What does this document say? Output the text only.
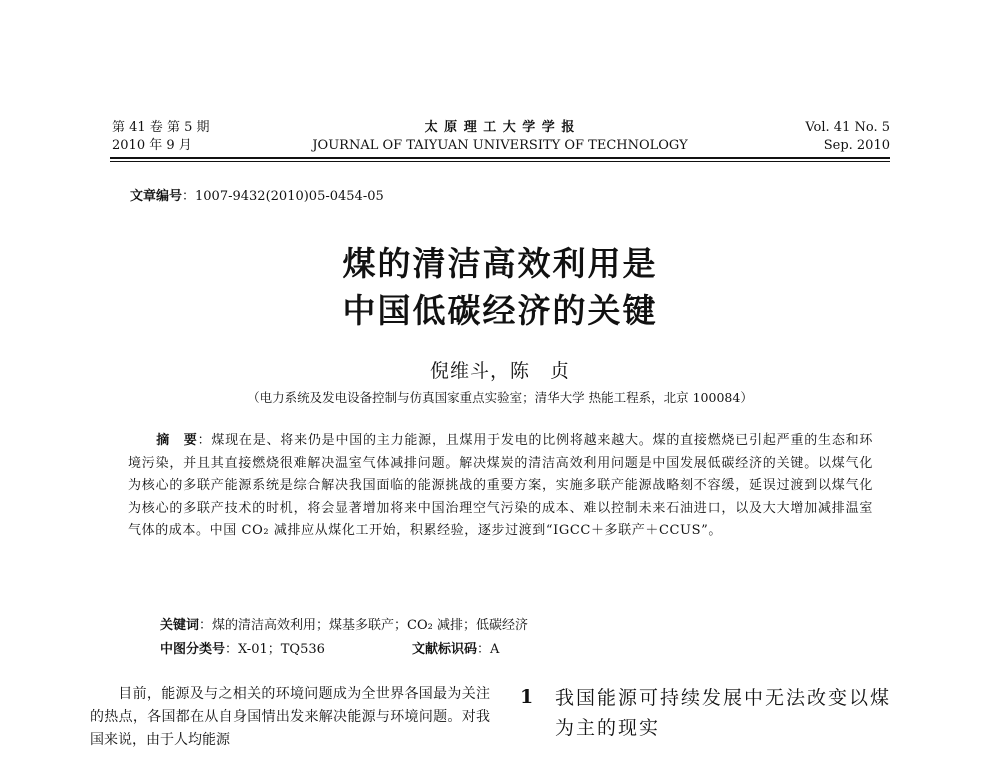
第 41 卷 第 5 期
2010 年 9 月
太 原 理 工 大 学 学 报
JOURNAL OF TAIYUAN UNIVERSITY OF TECHNOLOGY
Vol. 41 No. 5
Sep. 2010
文章编号：1007-9432(2010)05-0454-05
煤的清洁高效利用是
中国低碳经济的关键
倪维斗，陈　贞
（电力系统及发电设备控制与仿真国家重点实验室；清华大学 热能工程系，北京 100084）
摘　要：煤现在是、将来仍是中国的主力能源，且煤用于发电的比例将越来越大。煤的直接燃烧已引起严重的生态和环境污染，并且其直接燃烧很难解决温室气体减排问题。解决煤炭的清洁高效利用问题是中国发展低碳经济的关键。以煤气化为核心的多联产能源系统是综合解决我国面临的能源挑战的重要方案，实施多联产能源战略刻不容缓，延误过渡到以煤气化为核心的多联产技术的时机，将会显著增加将来中国治理空气污染的成本、难以控制未来石油进口，以及大大增加减排温室气体的成本。中国 CO₂ 减排应从煤化工开始，积累经验，逐步过渡到“IGCC＋多联产＋CCUS”。
关键词：煤的清洁高效利用；煤基多联产；CO₂ 减排；低碳经济
中图分类号：X-01；TQ536	文献标识码：A
目前，能源及与之相关的环境问题成为全世界各国最为关注的热点，各国都在从自身国情出发来解决能源与环境问题。对我国来说，由于人均能源
1 我国能源可持续发展中无法改变以煤为主的现实
